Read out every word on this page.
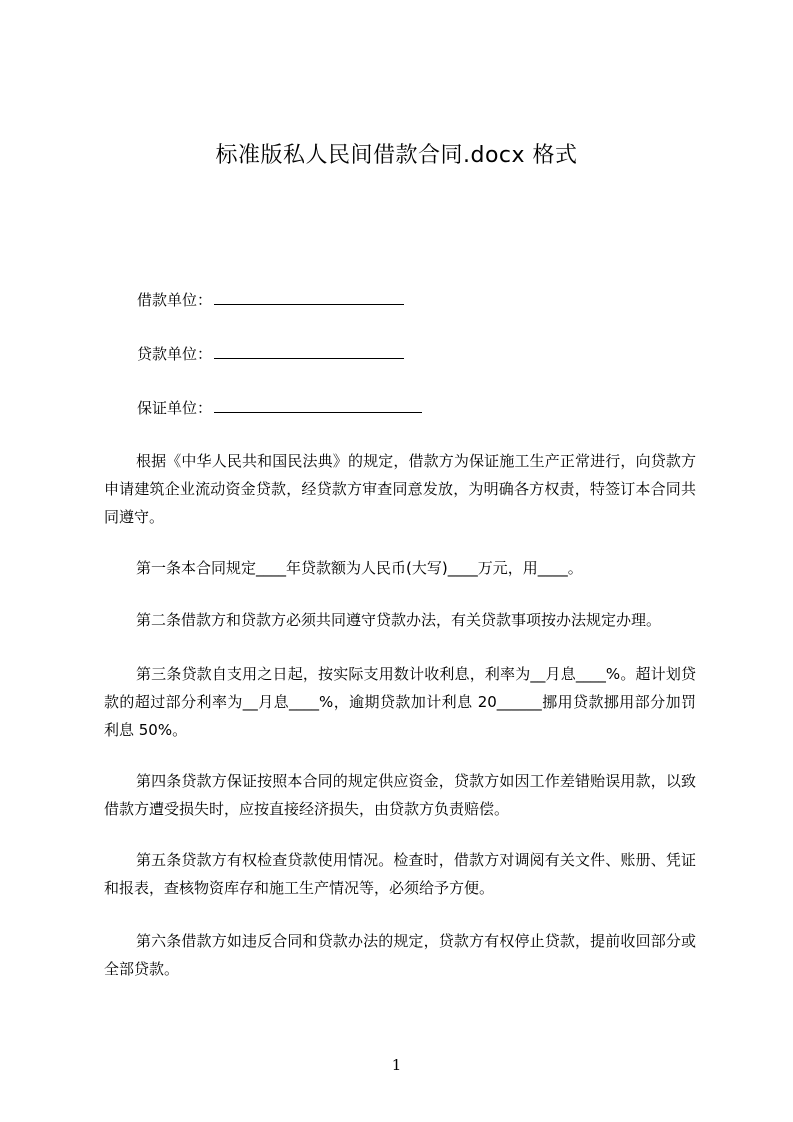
标准版私人民间借款合同.docx 格式
借款单位：
贷款单位：
保证单位：
根据《中华人民共和国民法典》的规定，借款方为保证施工生产正常进行，向贷款方申请建筑企业流动资金贷款，经贷款方审查同意发放，为明确各方权责，特签订本合同共同遵守。
第一条本合同规定____年贷款额为人民币(大写)____万元，用____。
第二条借款方和贷款方必须共同遵守贷款办法，有关贷款事项按办法规定办理。
第三条贷款自支用之日起，按实际支用数计收利息，利率为__月息____%。超计划贷款的超过部分利率为__月息____%，逾期贷款加计利息 20______挪用贷款挪用部分加罚利息 50%。
第四条贷款方保证按照本合同的规定供应资金，贷款方如因工作差错贻误用款，以致借款方遭受损失时，应按直接经济损失，由贷款方负责赔偿。
第五条贷款方有权检查贷款使用情况。检查时，借款方对调阅有关文件、账册、凭证和报表，查核物资库存和施工生产情况等，必须给予方便。
第六条借款方如违反合同和贷款办法的规定，贷款方有权停止贷款，提前收回部分或全部贷款。
1
